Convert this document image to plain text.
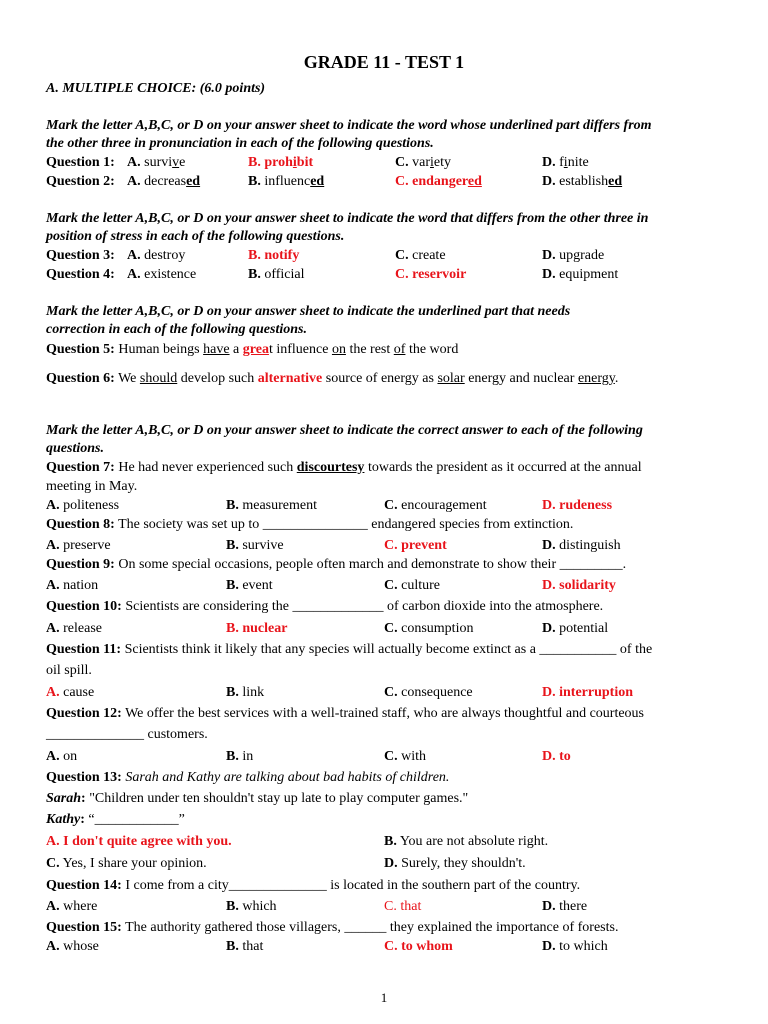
GRADE 11 - TEST 1
A. MULTIPLE CHOICE: (6.0 points)
Mark the letter A,B,C, or D on your answer sheet to indicate the word whose underlined part differs from
the other three in pronunciation in each of the following questions.
Question 1: A. survive	B. prohibit	C. variety	D. finite
Question 2: A. decreased	B. influenced	C. endangered	D. established
Mark the letter A,B,C, or D on your answer sheet to indicate the word that differs from the other three in
position of stress in each of the following questions.
Question 3: A. destroy	B. notify	C. create	D. upgrade
Question 4: A. existence	B. official	C. reservoir	D. equipment
Mark the letter A,B,C, or D on your answer sheet to indicate the underlined part that needs
correction in each of the following questions.
Question 5: Human beings have a great influence on the rest of the word
Question 6: We should develop such alternative source of energy as solar energy and nuclear energy.
Mark the letter A,B,C, or D on your answer sheet to indicate the correct answer to each of the following
questions.
Question 7: He had never experienced such discourtesy towards the president as it occurred at the annual
meeting in May.
A. politeness	B. measurement	C. encouragement	D. rudeness
Question 8: The society was set up to _______________ endangered species from extinction.
A. preserve	B. survive	C. prevent	D. distinguish
Question 9: On some special occasions, people often march and demonstrate to show their _________.
A. nation	B. event	C. culture	D. solidarity
Question 10: Scientists are considering the _____________ of carbon dioxide into the atmosphere.
A. release	B. nuclear	C. consumption	D. potential
Question 11: Scientists think it likely that any species will actually become extinct as a ___________ of the
oil spill.
A. cause	B. link	C. consequence	D. interruption
Question 12: We offer the best services with a well-trained staff, who are always thoughtful and courteous
______________ customers.
A. on	B. in	C. with	D. to
Question 13: Sarah and Kathy are talking about bad habits of children.
Sarah: "Children under ten shouldn't stay up late to play computer games."
Kathy: “____________”
A. I don't quite agree with you.	B. You are not absolute right.
C. Yes, I share your opinion.	D. Surely, they shouldn't.
Question 14: I come from a city______________ is located in the southern part of the country.
A. where	B. which	C. that	D. there
Question 15: The authority gathered those villagers, ______ they explained the importance of forests.
A. whose	B. that	C. to whom	D. to which
1
